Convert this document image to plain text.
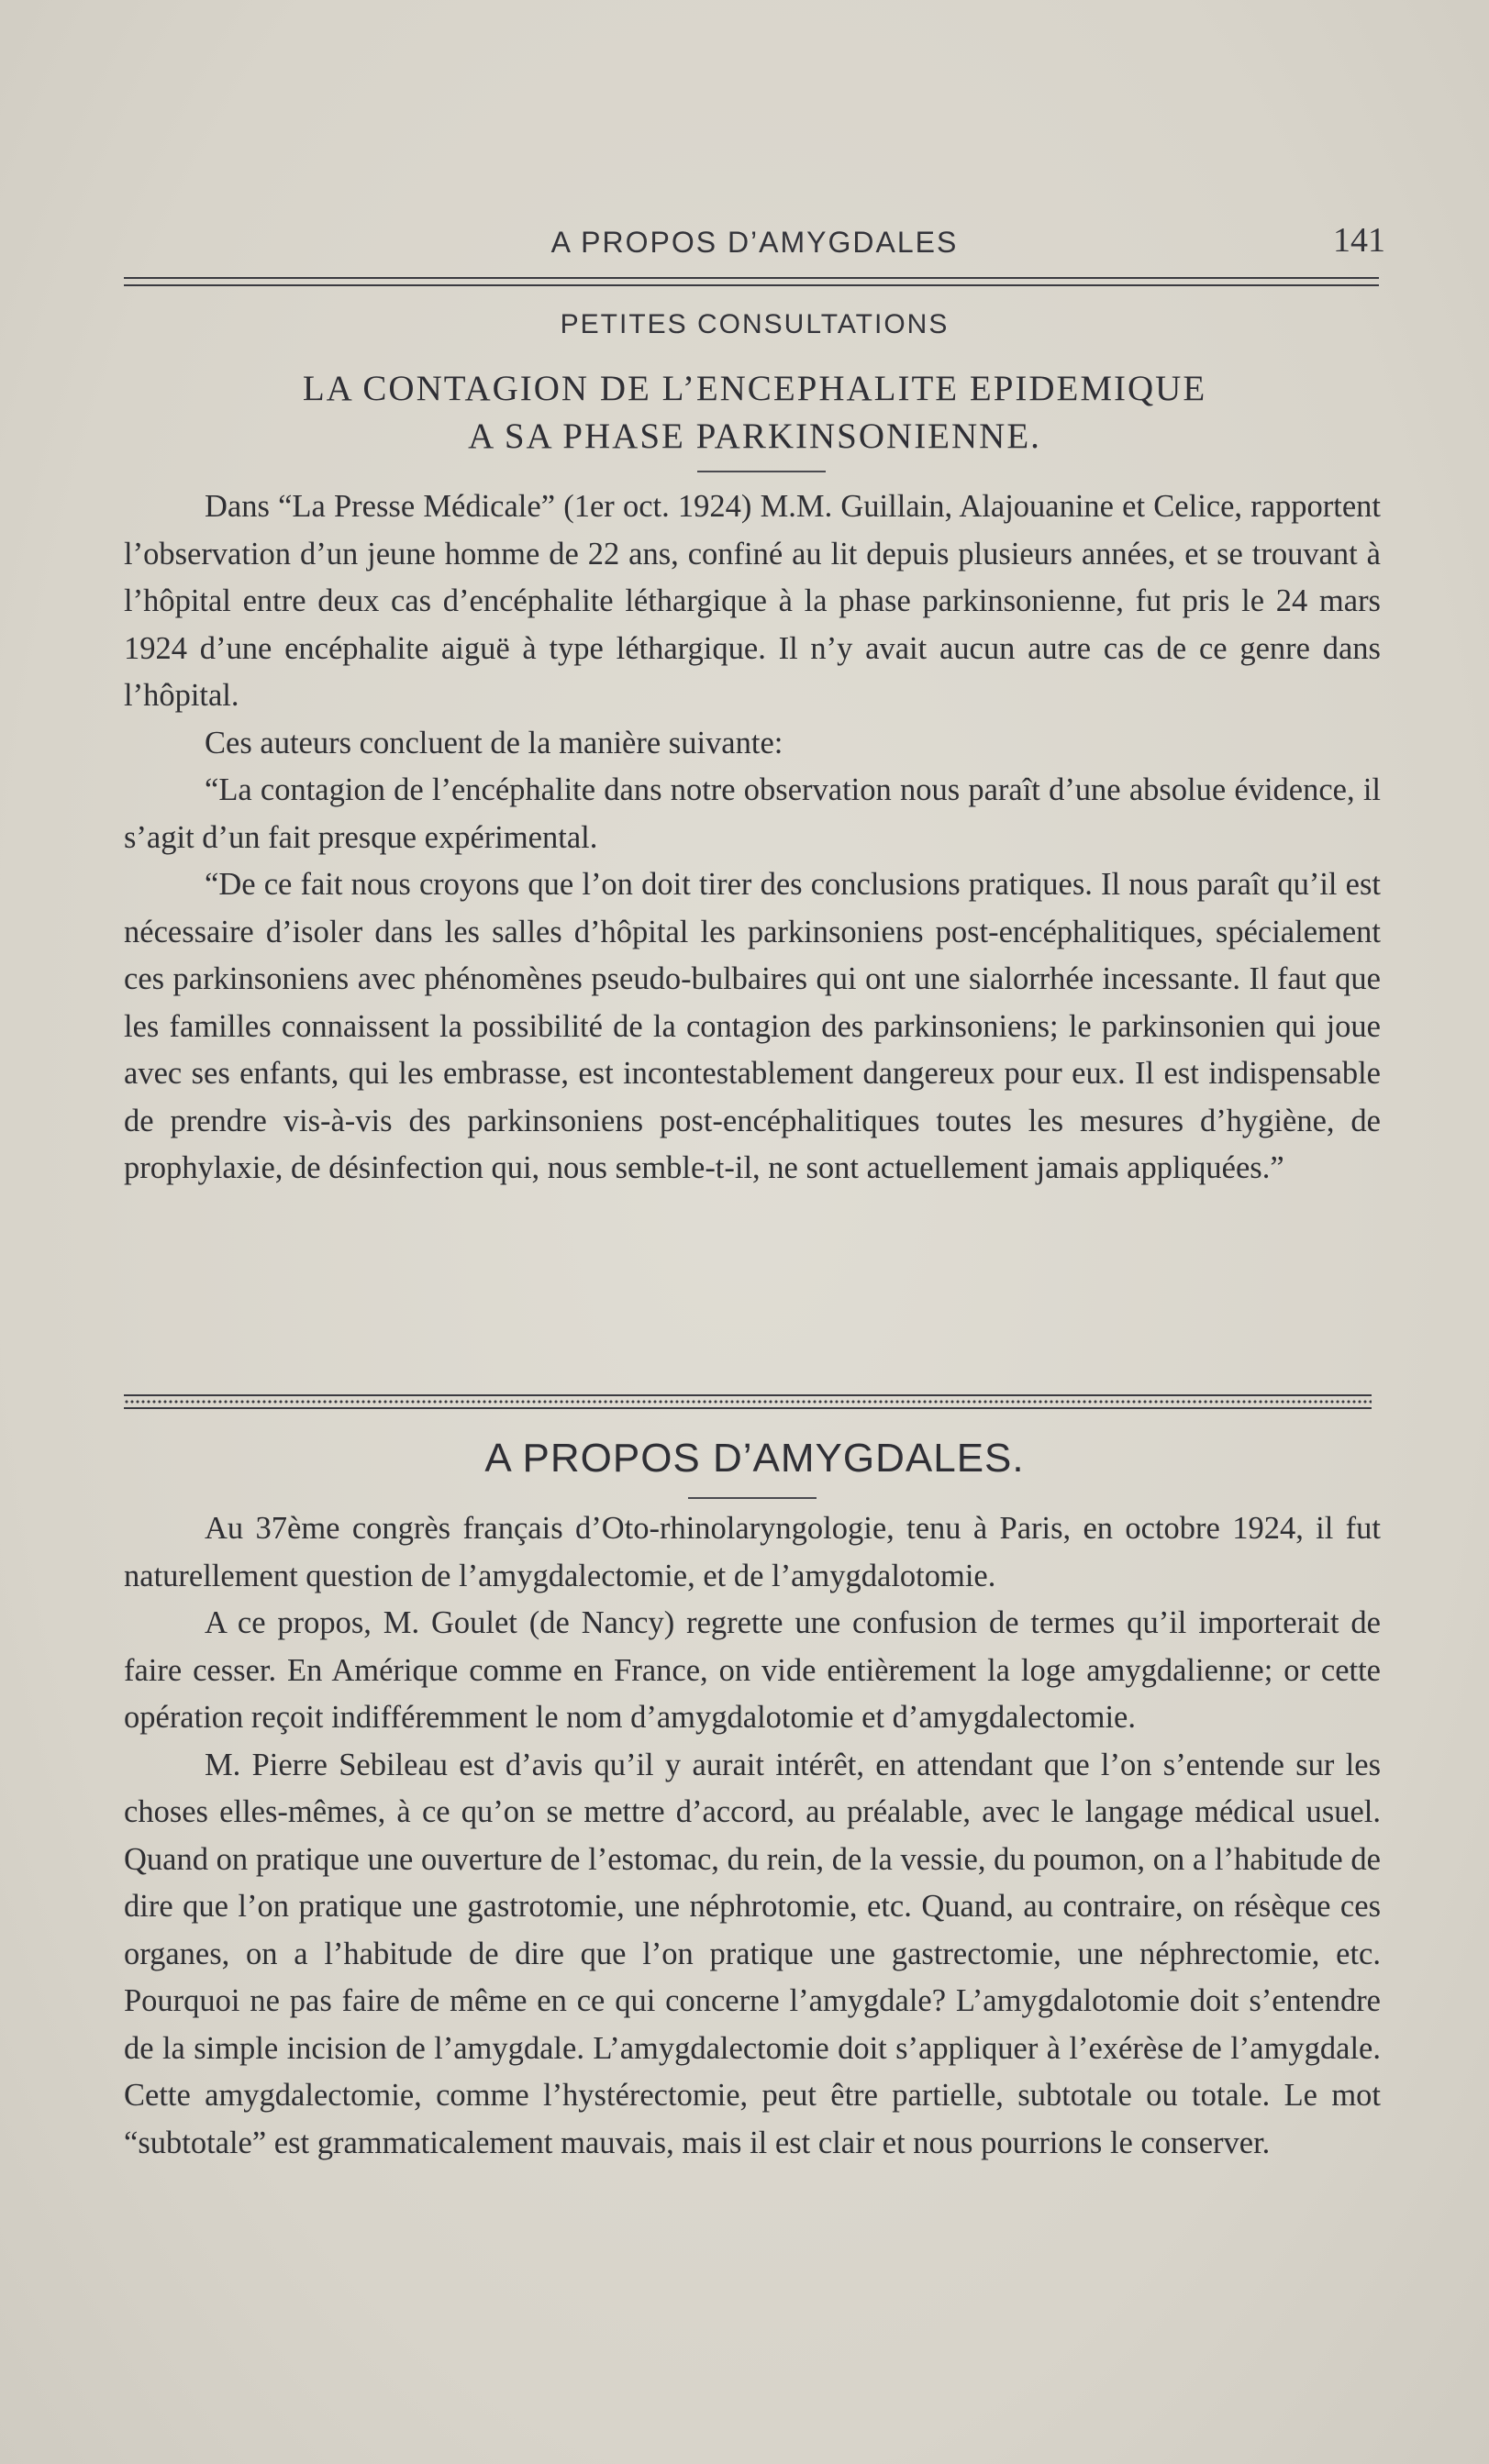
A PROPOS D’AMYGDALES	141
PETITES CONSULTATIONS
LA CONTAGION DE L’ENCEPHALITE EPIDEMIQUE
A SA PHASE PARKINSONIENNE.

Dans “La Presse Médicale” (1er oct. 1924) M.M. Guillain, Alajouanine et Celice, rapportent l’observation d’un jeune homme de 22 ans, confiné au lit depuis plusieurs années, et se trouvant à l’hôpital entre deux cas d’encéphalite léthargique à la phase parkinsonienne, fut pris le 24 mars 1924 d’une encéphalite aiguë à type léthargique. Il n’y avait aucun autre cas de ce genre dans l’hôpital.

Ces auteurs concluent de la manière suivante:

“La contagion de l’encéphalite dans notre observation nous paraît d’une absolue évidence, il s’agit d’un fait presque expérimental.

“De ce fait nous croyons que l’on doit tirer des conclusions pratiques. Il nous paraît qu’il est nécessaire d’isoler dans les salles d’hôpital les parkinsoniens post-encéphalitiques, spécialement ces parkinsoniens avec phénomènes pseudo-bulbaires qui ont une sialorrhée incessante. Il faut que les familles connaissent la possibilité de la contagion des parkinsoniens; le parkinsonien qui joue avec ses enfants, qui les embrasse, est incontestablement dangereux pour eux. Il est indispensable de prendre vis-à-vis des parkinsoniens post-encéphalitiques toutes les mesures d’hygiène, de prophylaxie, de désinfection qui, nous semble-t-il, ne sont actuellement jamais appliquées.”

A PROPOS D’AMYGDALES.

Au 37ème congrès français d’Oto-rhinolaryngologie, tenu à Paris, en octobre 1924, il fut naturellement question de l’amygdalectomie, et de l’amygdalotomie.

A ce propos, M. Goulet (de Nancy) regrette une confusion de termes qu’il importerait de faire cesser. En Amérique comme en France, on vide entièrement la loge amygdalienne; or cette opération reçoit indifféremment le nom d’amygdalotomie et d’amygdalectomie.

M. Pierre Sebileau est d’avis qu’il y aurait intérêt, en attendant que l’on s’entende sur les choses elles-mêmes, à ce qu’on se mettre d’accord, au préalable, avec le langage médical usuel. Quand on pratique une ouverture de l’estomac, du rein, de la vessie, du poumon, on a l’habitude de dire que l’on pratique une gastrotomie, une néphrotomie, etc. Quand, au contraire, on résèque ces organes, on a l’habitude de dire que l’on pratique une gastrectomie, une néphrectomie, etc. Pourquoi ne pas faire de même en ce qui concerne l’amygdale? L’amygdalotomie doit s’entendre de la simple incision de l’amygdale. L’amygdalectomie doit s’appliquer à l’exérèse de l’amygdale. Cette amygdalectomie, comme l’hystérectomie, peut être partielle, subtotale ou totale. Le mot “subtotale” est grammaticalement mauvais, mais il est clair et nous pourrions le conserver.
